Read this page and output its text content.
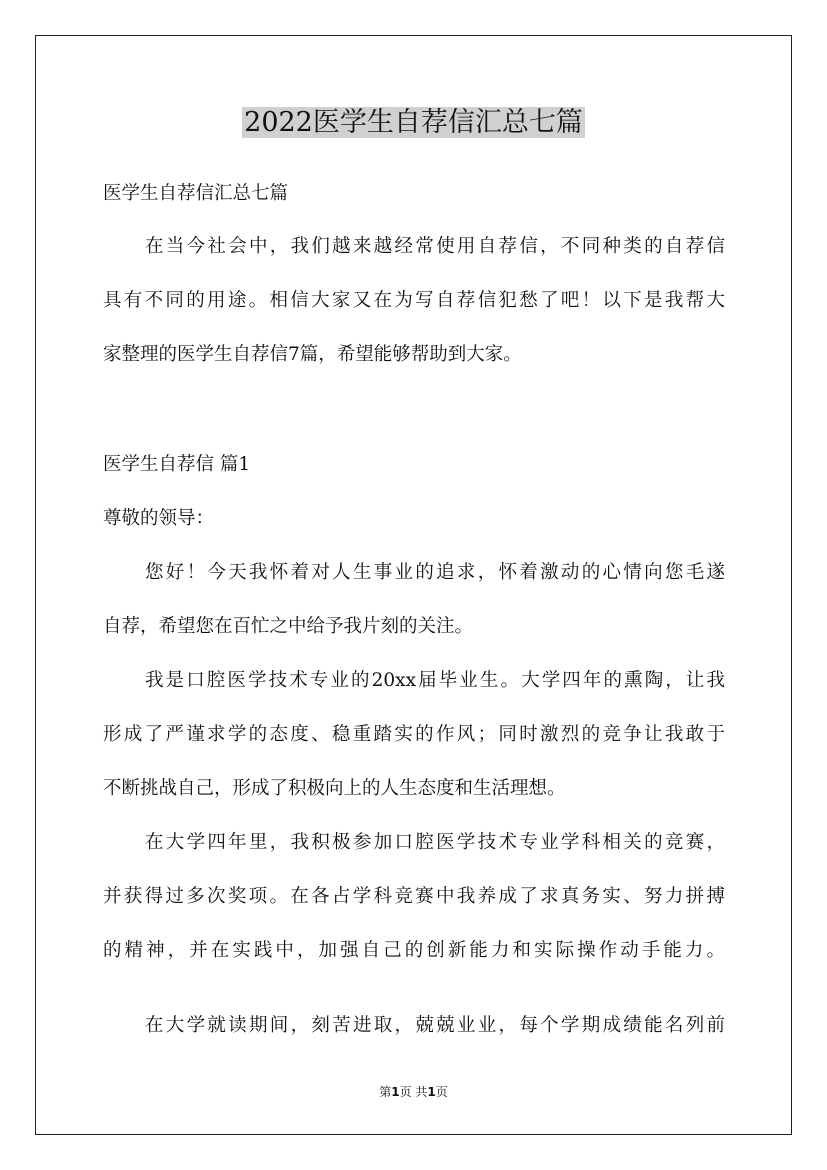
2022医学生自荐信汇总七篇

医学生自荐信汇总七篇

在当今社会中，我们越来越经常使用自荐信，不同种类的自荐信

具有不同的用途。相信大家又在为写自荐信犯愁了吧！以下是我帮大

家整理的医学生自荐信7篇，希望能够帮助到大家。

医学生自荐信 篇1

尊敬的领导：

您好！今天我怀着对人生事业的追求，怀着激动的心情向您毛遂

自荐，希望您在百忙之中给予我片刻的关注。

我是口腔医学技术专业的20xx届毕业生。大学四年的熏陶，让我

形成了严谨求学的态度、稳重踏实的作风；同时激烈的竞争让我敢于

不断挑战自己，形成了积极向上的人生态度和生活理想。

在大学四年里，我积极参加口腔医学技术专业学科相关的竞赛，

并获得过多次奖项。在各占学科竞赛中我养成了求真务实、努力拼搏

的精神，并在实践中，加强自己的创新能力和实际操作动手能力。

在大学就读期间，刻苦进取，兢兢业业，每个学期成绩能名列前

第1页 共1页
